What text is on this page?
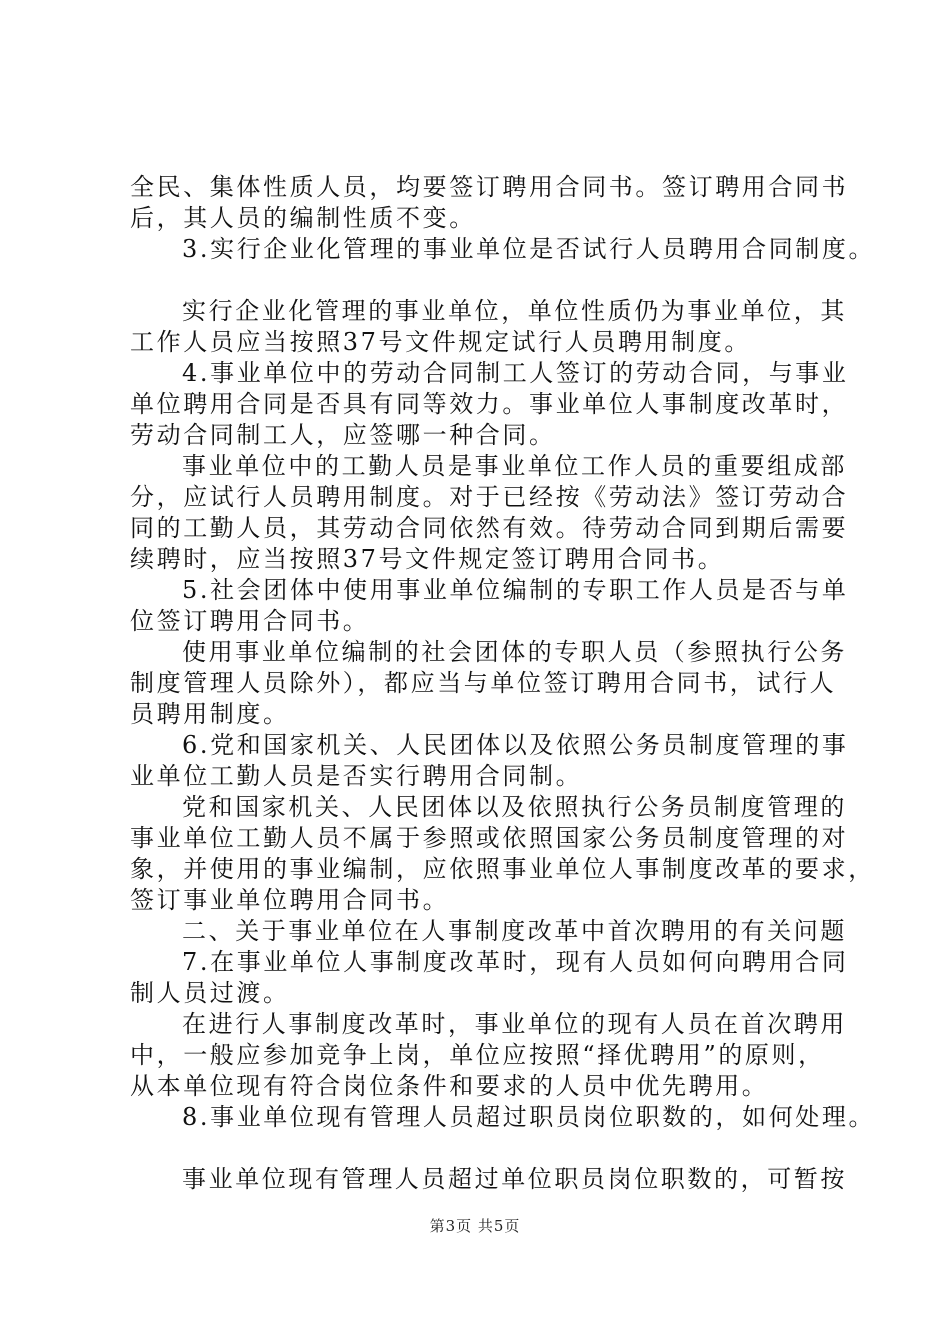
全民、集体性质人员，均要签订聘用合同书。签订聘用合同书
后，其人员的编制性质不变。
3.实行企业化管理的事业单位是否试行人员聘用合同制度。
实行企业化管理的事业单位，单位性质仍为事业单位，其
工作人员应当按照37号文件规定试行人员聘用制度。
4.事业单位中的劳动合同制工人签订的劳动合同，与事业
单位聘用合同是否具有同等效力。事业单位人事制度改革时，
劳动合同制工人，应签哪一种合同。
事业单位中的工勤人员是事业单位工作人员的重要组成部
分，应试行人员聘用制度。对于已经按《劳动法》签订劳动合
同的工勤人员，其劳动合同依然有效。待劳动合同到期后需要
续聘时，应当按照37号文件规定签订聘用合同书。
5.社会团体中使用事业单位编制的专职工作人员是否与单
位签订聘用合同书。
使用事业单位编制的社会团体的专职人员（参照执行公务
制度管理人员除外），都应当与单位签订聘用合同书，试行人
员聘用制度。
6.党和国家机关、人民团体以及依照公务员制度管理的事
业单位工勤人员是否实行聘用合同制。
党和国家机关、人民团体以及依照执行公务员制度管理的
事业单位工勤人员不属于参照或依照国家公务员制度管理的对
象，并使用的事业编制，应依照事业单位人事制度改革的要求，
签订事业单位聘用合同书。
二、关于事业单位在人事制度改革中首次聘用的有关问题
7.在事业单位人事制度改革时，现有人员如何向聘用合同
制人员过渡。
在进行人事制度改革时，事业单位的现有人员在首次聘用
中，一般应参加竞争上岗，单位应按照“择优聘用”的原则，
从本单位现有符合岗位条件和要求的人员中优先聘用。
8.事业单位现有管理人员超过职员岗位职数的，如何处理。
事业单位现有管理人员超过单位职员岗位职数的，可暂按
第3页 共5页
